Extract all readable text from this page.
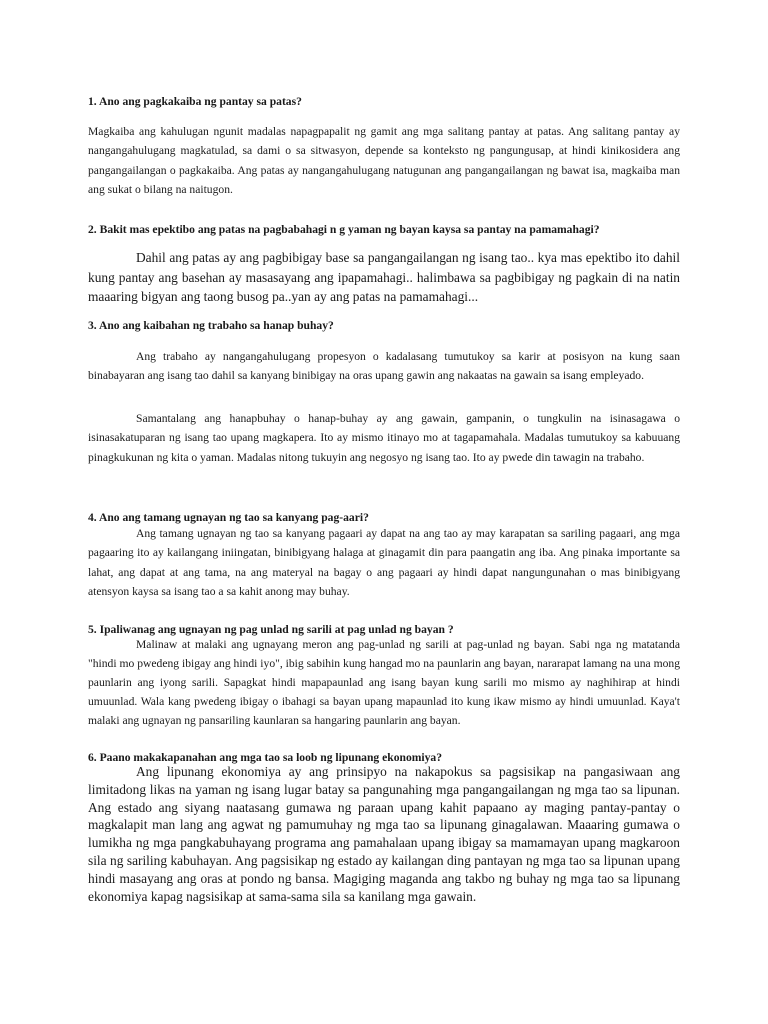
1. Ano ang pagkakaiba ng pantay sa patas?

Magkaiba ang kahulugan ngunit madalas napagpapalit ng gamit ang mga salitang pantay at patas. Ang salitang pantay ay nangangahulugang magkatulad, sa dami o sa sitwasyon, depende sa konteksto ng pangungusap, at hindi kinikosidera ang pangangailangan o pagkakaiba. Ang patas ay nangangahulugang natugunan ang pangangailangan ng bawat isa, magkaiba man ang sukat o bilang na naitugon.

2. Bakit mas epektibo ang patas na pagbabahagi n g yaman ng bayan kaysa sa pantay na pamamahagi?

Dahil ang patas ay ang pagbibigay base sa pangangailangan ng isang tao.. kya mas epektibo ito dahil kung pantay ang basehan ay masasayang ang ipapamahagi.. halimbawa sa pagbibigay ng pagkain di na natin maaaring bigyan ang taong busog pa..yan ay ang patas na pamamahagi...

3. Ano ang kaibahan ng trabaho sa hanap buhay?

Ang trabaho ay nangangahulugang propesyon o kadalasang tumutukoy sa karir at posisyon na kung saan binabayaran ang isang tao dahil sa kanyang binibigay na oras upang gawin ang nakaatas na gawain sa isang empleyado.

Samantalang ang hanapbuhay o hanap-buhay ay ang gawain, gampanin, o tungkulin na isinasagawa o isinasakatuparan ng isang tao upang magkapera. Ito ay mismo itinayo mo at tagapamahala. Madalas tumutukoy sa kabuuang pinagkukunan ng kita o yaman. Madalas nitong tukuyin ang negosyo ng isang tao. Ito ay pwede din tawagin na trabaho.

4. Ano ang tamang ugnayan ng tao sa kanyang pag-aari?

Ang tamang ugnayan ng tao sa kanyang pagaari ay dapat na ang tao ay may karapatan sa sariling pagaari, ang mga pagaaring ito ay kailangang iniingatan, binibigyang halaga at ginagamit din para paangatin ang iba. Ang pinaka importante sa lahat, ang dapat at ang tama, na ang materyal na bagay o ang pagaari ay hindi dapat nangungunahan o mas binibigyang atensyon kaysa sa isang tao a sa kahit anong may buhay.

5. Ipaliwanag ang ugnayan ng pag unlad ng sarili at pag unlad ng bayan ?

Malinaw at malaki ang ugnayang meron ang pag-unlad ng sarili at pag-unlad ng bayan. Sabi nga ng matatanda "hindi mo pwedeng ibigay ang hindi iyo", ibig sabihin kung hangad mo na paunlarin ang bayan, nararapat lamang na una mong paunlarin ang iyong sarili. Sapagkat hindi mapapaunlad ang isang bayan kung sarili mo mismo ay naghihirap at hindi umuunlad. Wala kang pwedeng ibigay o ibahagi sa bayan upang mapaunlad ito kung ikaw mismo ay hindi umuunlad. Kaya't malaki ang ugnayan ng pansariling kaunlaran sa hangaring paunlarin ang bayan.

6. Paano makakapanahan ang mga tao sa loob ng lipunang ekonomiya?

Ang lipunang ekonomiya ay ang prinsipyo na nakapokus sa pagsisikap na pangasiwaan ang limitadong likas na yaman ng isang lugar batay sa pangunahing mga pangangailangan ng mga tao sa lipunan. Ang estado ang siyang naatasang gumawa ng paraan upang kahit papaano ay maging pantay-pantay o magkalapit man lang ang agwat ng pamumuhay ng mga tao sa lipunang ginagalawan. Maaaring gumawa o lumikha ng mga pangkabuhayang programa ang pamahalaan upang ibigay sa mamamayan upang magkaroon sila ng sariling kabuhayan. Ang pagsisikap ng estado ay kailangan ding pantayan ng mga tao sa lipunan upang hindi masayang ang oras at pondo ng bansa. Magiging maganda ang takbo ng buhay ng mga tao sa lipunang ekonomiya kapag nagsisikap at sama-sama sila sa kanilang mga gawain.
